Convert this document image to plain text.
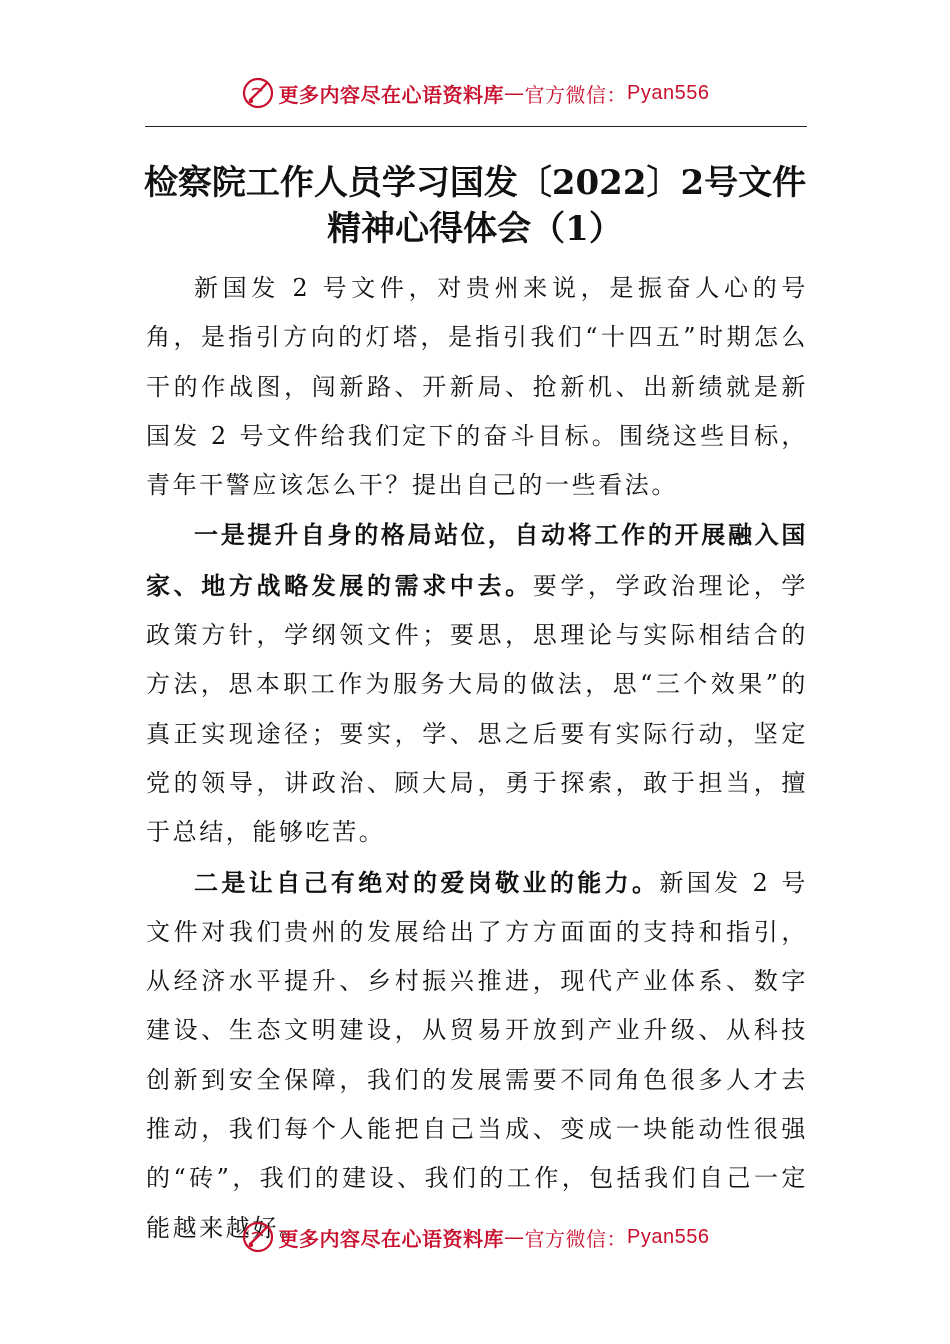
更多内容尽在心语资料库 — 官方微信： Pyan556
检察院工作人员学习国发〔2022〕2号文件
精神心得体会（1）

新国发 2 号文件，对贵州来说，是振奋人心的号角，是指引方向的灯塔，是指引我们“十四五”时期怎么干的作战图，闯新路、开新局、抢新机、出新绩就是新国发 2 号文件给我们定下的奋斗目标。围绕这些目标，青年干警应该怎么干？提出自己的一些看法。

一是提升自身的格局站位，自动将工作的开展融入国家、地方战略发展的需求中去。要学，学政治理论，学政策方针，学纲领文件；要思，思理论与实际相结合的方法，思本职工作为服务大局的做法，思“三个效果”的真正实现途径；要实，学、思之后要有实际行动，坚定党的领导，讲政治、顾大局，勇于探索，敢于担当，擅于总结，能够吃苦。

二是让自己有绝对的爱岗敬业的能力。新国发 2 号文件对我们贵州的发展给出了方方面面的支持和指引，从经济水平提升、乡村振兴推进，现代产业体系、数字建设、生态文明建设，从贸易开放到产业升级、从科技创新到安全保障，我们的发展需要不同角色很多人才去推动，我们每个人能把自己当成、变成一块能动性很强的“砖”，我们的建设、我们的工作，包括我们自己一定能越来越好。

更多内容尽在心语资料库 — 官方微信： Pyan556
